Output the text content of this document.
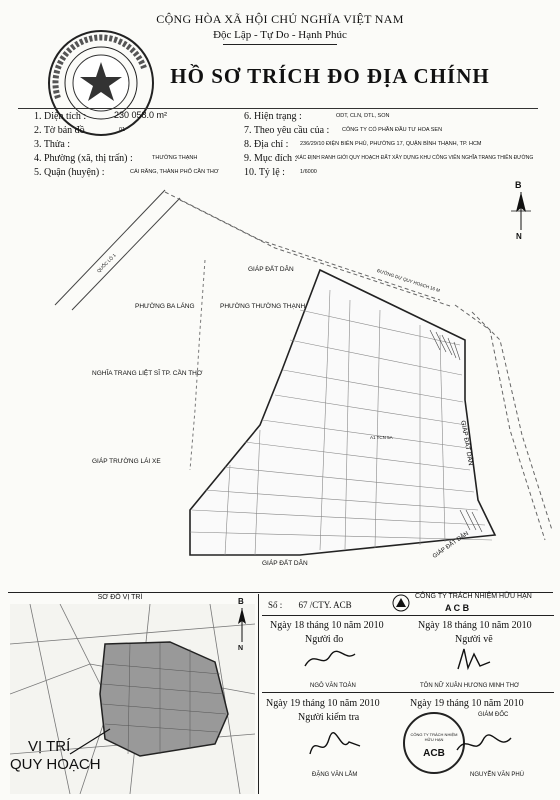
CỘNG HÒA XÃ HỘI CHỦ NGHĨA VIỆT NAM
Độc Lập - Tự Do - Hạnh Phúc
HỒ SƠ TRÍCH ĐO ĐỊA CHÍNH
1. Diện tích :	230 058.0 m²
2. Tờ bản đồ	01
3. Thửa :
4. Phường (xã, thị trấn) :	THƯỜNG THẠNH
5. Quận (huyện) :	CÁI RĂNG, THÀNH PHỐ CẦN THƠ
6. Hiện trạng :	ODT, CLN, DTL, SON
7. Theo yêu cầu của : CÔNG TY CỔ PHẦN ĐẦU TƯ HOA SEN
8. Địa chỉ : 236/29/10 ĐIỆN BIÊN PHỦ, PHƯỜNG 17, QUẬN BÌNH THẠNH, TP. HCM
9. Mục đích :
XÁC ĐỊNH RANH GIỚI QUY HOẠCH ĐẤT XÂY DỰNG KHU CÔNG VIÊN NGHĨA TRANG THIÊN ĐƯỜNG
10. Tỷ lệ :	1/6000
B
N
GIÁP ĐẤT DÂN
PHƯỜNG BA LÁNG	PHƯỜNG THƯỜNG THẠNH
NGHĨA TRANG LIỆT SĨ TP. CẦN THƠ
GIÁP TRƯỜNG LÁI XE
GIÁP ĐẤT DÂN
GIÁP ĐẤT DÂN
GIÁP ĐẤT DÂN
A1 TCN 5A
QUỐC LỘ 1
ĐƯỜNG DỰ QUY HOẠCH 16 M
SƠ ĐỒ VỊ TRÍ	B
N
VỊ TRÍ
QUY HOẠCH
Số : 67 /CTY. ACB
CÔNG TY TRÁCH NHIỆM HỮU HẠN
A C B
Ngày 18 tháng 10 năm 2010
Người đo
NGÔ VĂN TOÀN
Ngày 18 tháng 10 năm 2010
Người vẽ
TÔN NỮ XUÂN HƯƠNG MINH THƠ
Ngày 19 tháng 10 năm 2010
Người kiểm tra
ĐẶNG VĂN LẮM
Ngày 19 tháng 10 năm 2010
GIÁM ĐỐC
CÔNG TY TRÁCH NHIỆM HỮU HẠN
ACB
NGUYỄN VĂN PHÚ
